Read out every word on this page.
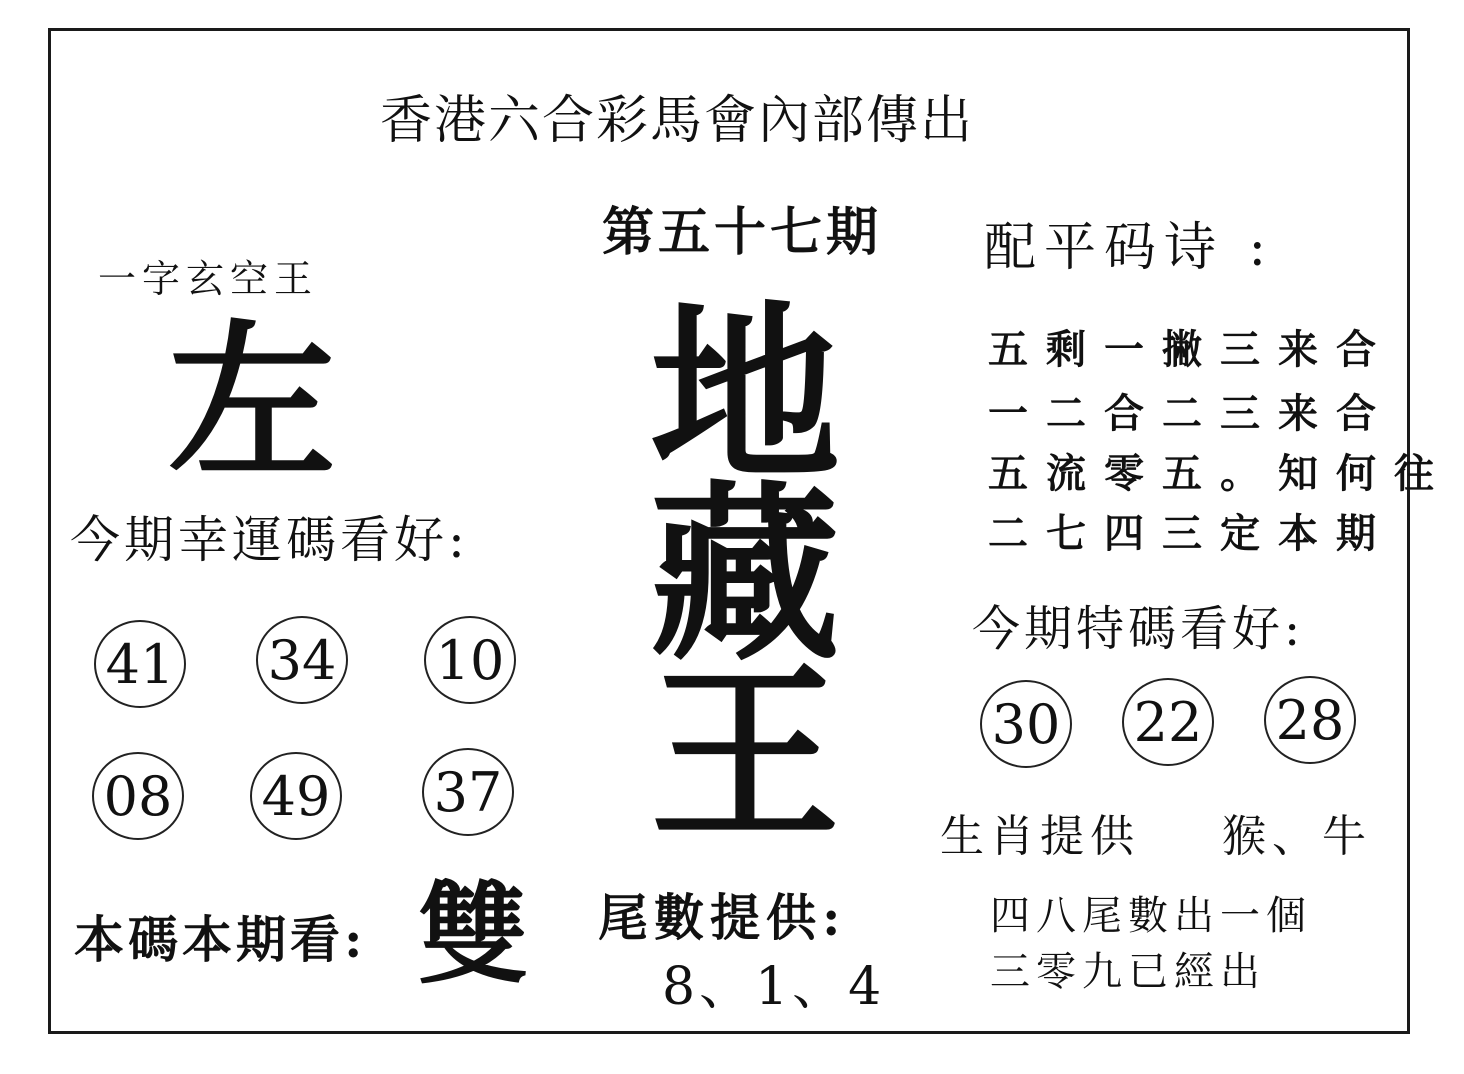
香港六合彩馬會內部傳出
第五十七期
一字玄空王
左
今期幸運碼看好:
41 34 10
08 49 37
本碼本期看: 雙
地
藏
王
尾數提供:
8、1、4
配平码诗 :
五剩一撇三来合
一二合二三来合
五流零五。知何往
二七四三定本期
今期特碼看好:
30 22 28
生肖提供 猴、牛
四八尾數出一個
三零九已經出
